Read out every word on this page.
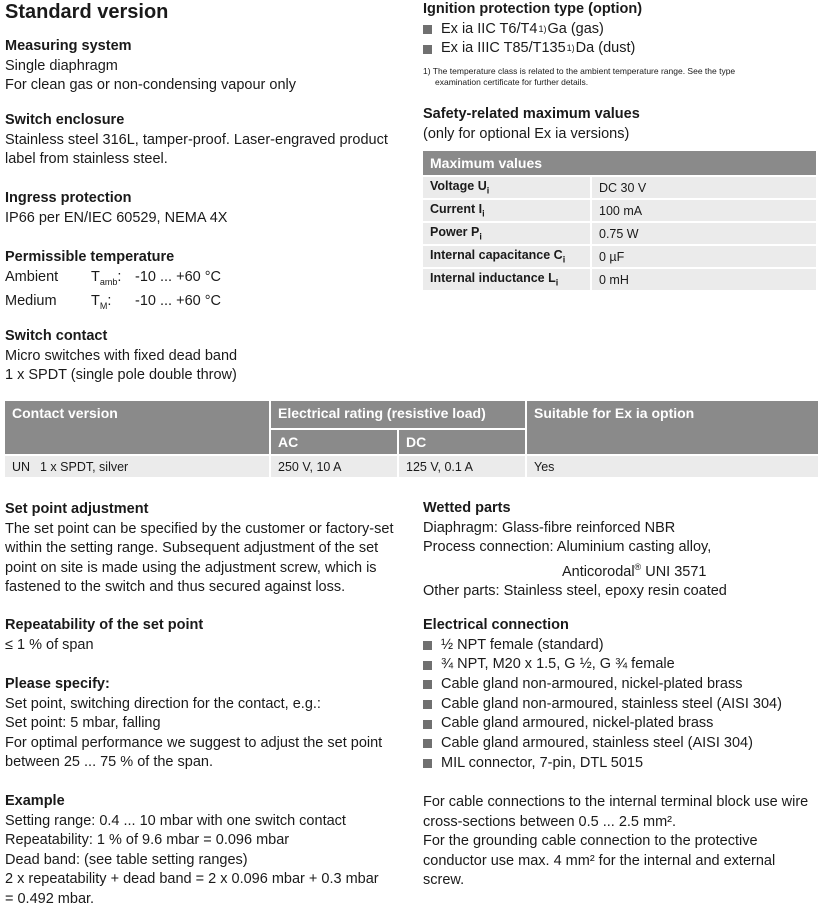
Standard version
Measuring system

Single diaphragm

For clean gas or non-condensing vapour only

Switch enclosure

Stainless steel 316L, tamper-proof. Laser-engraved product

label from stainless steel.

Ingress protection

IP66 per EN/IEC 60529, NEMA 4X

Permissible temperature
Ambient	$T_{amb}$: -10 ... +60 °C
Medium	$T_M$:	-10 ... +60 °C
Switch contact

Micro switches with fixed dead band

1 x SPDT (single pole double throw)

Set point adjustment

The set point can be specified by the customer or factory-set

within the setting range. Subsequent adjustment of the set

point on site is made using the adjustment screw, which is

fastened to the switch and thus secured against loss.

Repeatability of the set point

≤ 1 % of span

Please specify:

Set point, switching direction for the contact, e.g.:

Set point: 5 mbar, falling

For optimal performance we suggest to adjust the set point

between 25 ... 75 % of the span.

Example

Setting range: 0.4 ... 10 mbar with one switch contact

Repeatability: 1 % of 9.6 mbar = 0.096 mbar

Dead band: (see table setting ranges)

2 x repeatability + dead band = 2 x 0.096 mbar + 0.3 mbar

= 0.492 mbar.

Contact version	Electrical rating (resistive load)		Suitable for Ex ia option
	AC	DC	
UN 1 x SPDT, silver	250 V, 10 A	125 V, 0.1 A	Yes
Ignition protection type (option)
Ex ia IIC T6/T4 1) Ga (gas)
Ex ia IIIC T85/T135 1) Da (dust)
1) The temperature class is related to the ambient temperature range. See the type
examination certificate for further details.
Safety-related maximum values

(only for optional Ex ia versions)

Maximum values	
Voltage $U_i$	DC 30 V
Current $I_i$	100 mA
Power $P_i$	0.75 W
Internal capacitance $C_i$	0 µF
Internal inductance $L_i$	0 mH
Wetted parts

Diaphragm: Glass-fibre reinforced NBR

Process connection: Aluminium casting alloy,

Anticorodal® UNI 3571

Other parts: Stainless steel, epoxy resin coated

Electrical connection
½ NPT female (standard)
¾ NPT, M20 x 1.5, G ½, G ¾ female
Cable gland non-armoured, nickel-plated brass
Cable gland non-armoured, stainless steel (AISI 304)
Cable gland armoured, nickel-plated brass
Cable gland armoured, stainless steel (AISI 304)
MIL connector, 7-pin, DTL 5015

For cable connections to the internal terminal block use wire

cross-sections between 0.5 ... 2.5 mm².

For the grounding cable connection to the protective

conductor use max. 4 mm² for the internal and external

screw.
